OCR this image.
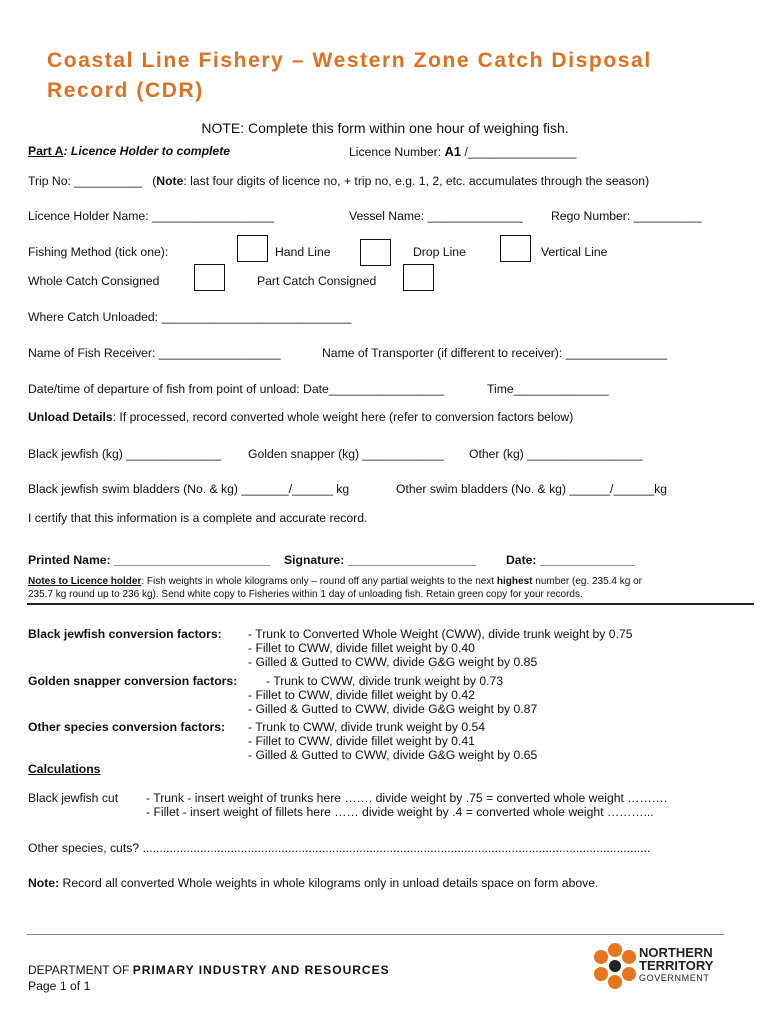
Coastal Line Fishery – Western Zone Catch Disposal
Record (CDR)
NOTE: Complete this form within one hour of weighing fish.
Part A: Licence Holder to complete	Licence Number: A1 /________________
Trip No: __________   (Note: last four digits of licence no, + trip no, e.g. 1, 2, etc. accumulates through the season)
Licence Holder Name: __________________	Vessel Name: ______________ Rego Number: __________
Fishing Method (tick one):	Hand Line	Drop Line	Vertical Line
Whole Catch Consigned	Part Catch Consigned
Where Catch Unloaded: ____________________________
Name of Fish Receiver: __________________	Name of Transporter (if different to receiver): _______________
Date/time of departure of fish from point of unload: Date_________________	Time______________
Unload Details: If processed, record converted whole weight here (refer to conversion factors below)
Black jewfish (kg) ______________ Golden snapper (kg) ____________ Other (kg) _________________
Black jewfish swim bladders (No. & kg) _______/______ kg	Other swim bladders (No. & kg) ______/______kg
I certify that this information is a complete and accurate record.
Printed Name: _______________________ Signature: ___________________ Date: ______________
Notes to Licence holder: Fish weights in whole kilograms only – round off any partial weights to the next highest number (eg. 235.4 kg or
235.7 kg round up to 236 kg). Send white copy to Fisheries within 1 day of unloading fish. Retain green copy for your records.
Black jewfish conversion factors: - Trunk to Converted Whole Weight (CWW), divide trunk weight by 0.75
- Fillet to CWW, divide fillet weight by 0.40
- Gilled & Gutted to CWW, divide G&G weight by 0.85
Golden snapper conversion factors:	- Trunk to CWW, divide trunk weight by 0.73
- Fillet to CWW, divide fillet weight by 0.42
- Gilled & Gutted to CWW, divide G&G weight by 0.87
Other species conversion factors: - Trunk to CWW, divide trunk weight by 0.54
- Fillet to CWW, divide fillet weight by 0.41
- Gilled & Gutted to CWW, divide G&G weight by 0.65
Calculations
Black jewfish cut - Trunk - insert weight of trunks here ……. divide weight by .75 = converted whole weight ……….
- Fillet - insert weight of fillets here …… divide weight by .4 = converted whole weight ………...
Other species, cuts? ......................................................................................................................................................
Note: Record all converted Whole weights in whole kilograms only in unload details space on form above.
DEPARTMENT OF PRIMARY INDUSTRY AND RESOURCES
Page 1 of 1
NORTHERN
TERRITORY
GOVERNMENT
